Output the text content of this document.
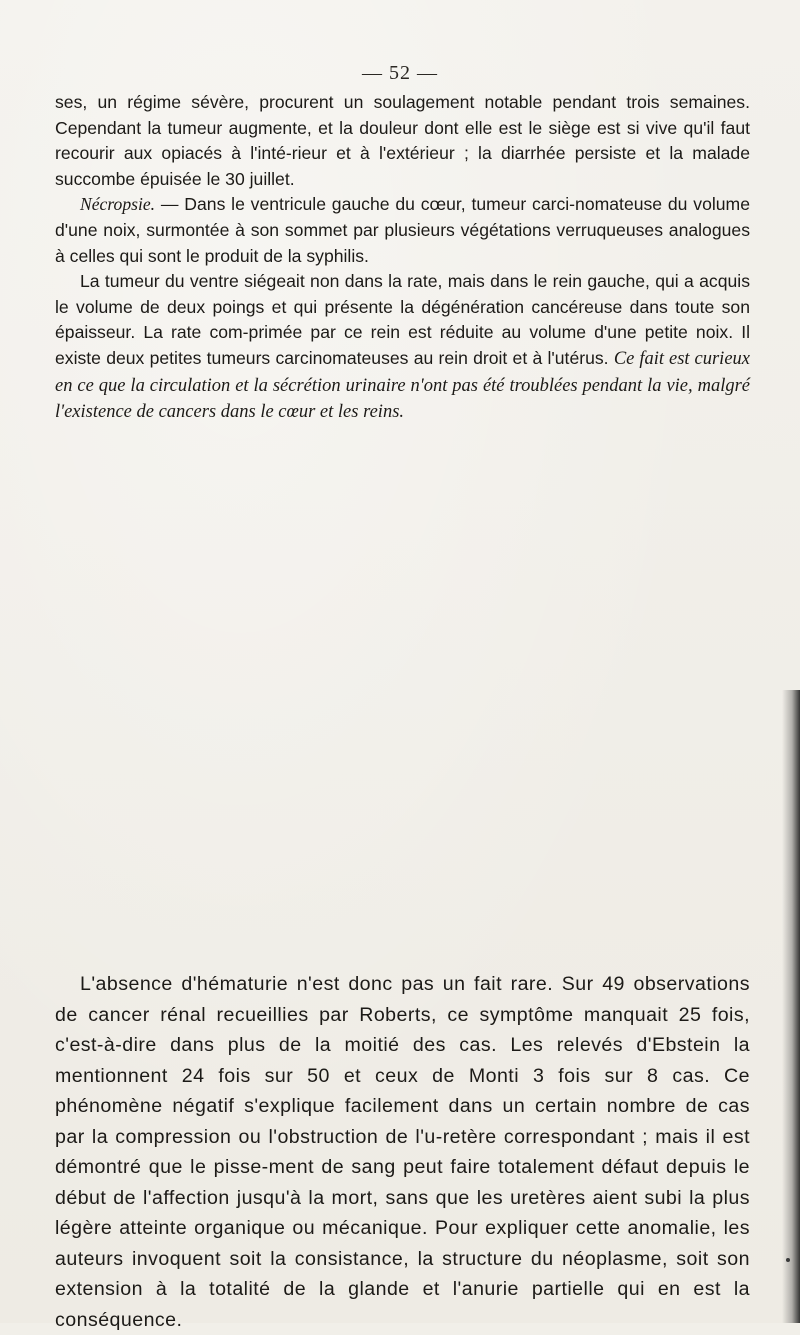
— 52 —

ses, un régime sévère, procurent un soulagement notable pendant trois semaines. Cependant la tumeur augmente, et la douleur dont elle est le siège est si vive qu'il faut recourir aux opiacés à l'inté-rieur et à l'extérieur ; la diarrhée persiste et la malade succombe épuisée le 30 juillet.

Nécropsie. — Dans le ventricule gauche du cœur, tumeur carci-nomateuse du volume d'une noix, surmontée à son sommet par plusieurs végétations verruqueuses analogues à celles qui sont le produit de la syphilis.

La tumeur du ventre siégeait non dans la rate, mais dans le rein gauche, qui a acquis le volume de deux poings et qui présente la dégénération cancéreuse dans toute son épaisseur. La rate com-primée par ce rein est réduite au volume d'une petite noix. Il existe deux petites tumeurs carcinomateuses au rein droit et à l'utérus. Ce fait est curieux en ce que la circulation et la sécrétion urinaire n'ont pas été troublées pendant la vie, malgré l'existence de cancers dans le cœur et les reins.

L'absence d'hématurie n'est donc pas un fait rare. Sur 49 observations de cancer rénal recueillies par Roberts, ce symptôme manquait 25 fois, c'est-à-dire dans plus de la moitié des cas. Les relevés d'Ebstein la mentionnent 24 fois sur 50 et ceux de Monti 3 fois sur 8 cas. Ce phénomène négatif s'explique facilement dans un certain nombre de cas par la compression ou l'obstruction de l'u-retère correspondant ; mais il est démontré que le pisse-ment de sang peut faire totalement défaut depuis le début de l'affection jusqu'à la mort, sans que les uretères aient subi la plus légère atteinte organique ou mécanique. Pour expliquer cette anomalie, les auteurs invoquent soit la consistance, la structure du néoplasme, soit son extension à la totalité de la glande et l'anurie partielle qui en est la conséquence.
